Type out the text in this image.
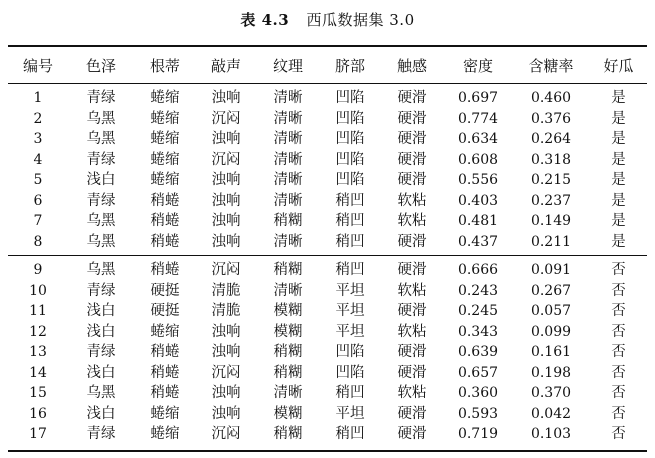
表 4.3 西瓜数据集 3.0
编号	色泽	根蒂	敲声	纹理	脐部	触感	密度	含糖率	好瓜
1	青绿	蜷缩	浊响	清晰	凹陷	硬滑	0.697	0.460	是
2	乌黑	蜷缩	沉闷	清晰	凹陷	硬滑	0.774	0.376	是
3	乌黑	蜷缩	浊响	清晰	凹陷	硬滑	0.634	0.264	是
4	青绿	蜷缩	沉闷	清晰	凹陷	硬滑	0.608	0.318	是
5	浅白	蜷缩	浊响	清晰	凹陷	硬滑	0.556	0.215	是
6	青绿	稍蜷	浊响	清晰	稍凹	软粘	0.403	0.237	是
7	乌黑	稍蜷	浊响	稍糊	稍凹	软粘	0.481	0.149	是
8	乌黑	稍蜷	浊响	清晰	稍凹	硬滑	0.437	0.211	是
9	乌黑	稍蜷	沉闷	稍糊	稍凹	硬滑	0.666	0.091	否
10	青绿	硬挺	清脆	清晰	平坦	软粘	0.243	0.267	否
11	浅白	硬挺	清脆	模糊	平坦	硬滑	0.245	0.057	否
12	浅白	蜷缩	浊响	模糊	平坦	软粘	0.343	0.099	否
13	青绿	稍蜷	浊响	稍糊	凹陷	硬滑	0.639	0.161	否
14	浅白	稍蜷	沉闷	稍糊	凹陷	硬滑	0.657	0.198	否
15	乌黑	稍蜷	浊响	清晰	稍凹	软粘	0.360	0.370	否
16	浅白	蜷缩	浊响	模糊	平坦	硬滑	0.593	0.042	否
17	青绿	蜷缩	沉闷	稍糊	稍凹	硬滑	0.719	0.103	否
